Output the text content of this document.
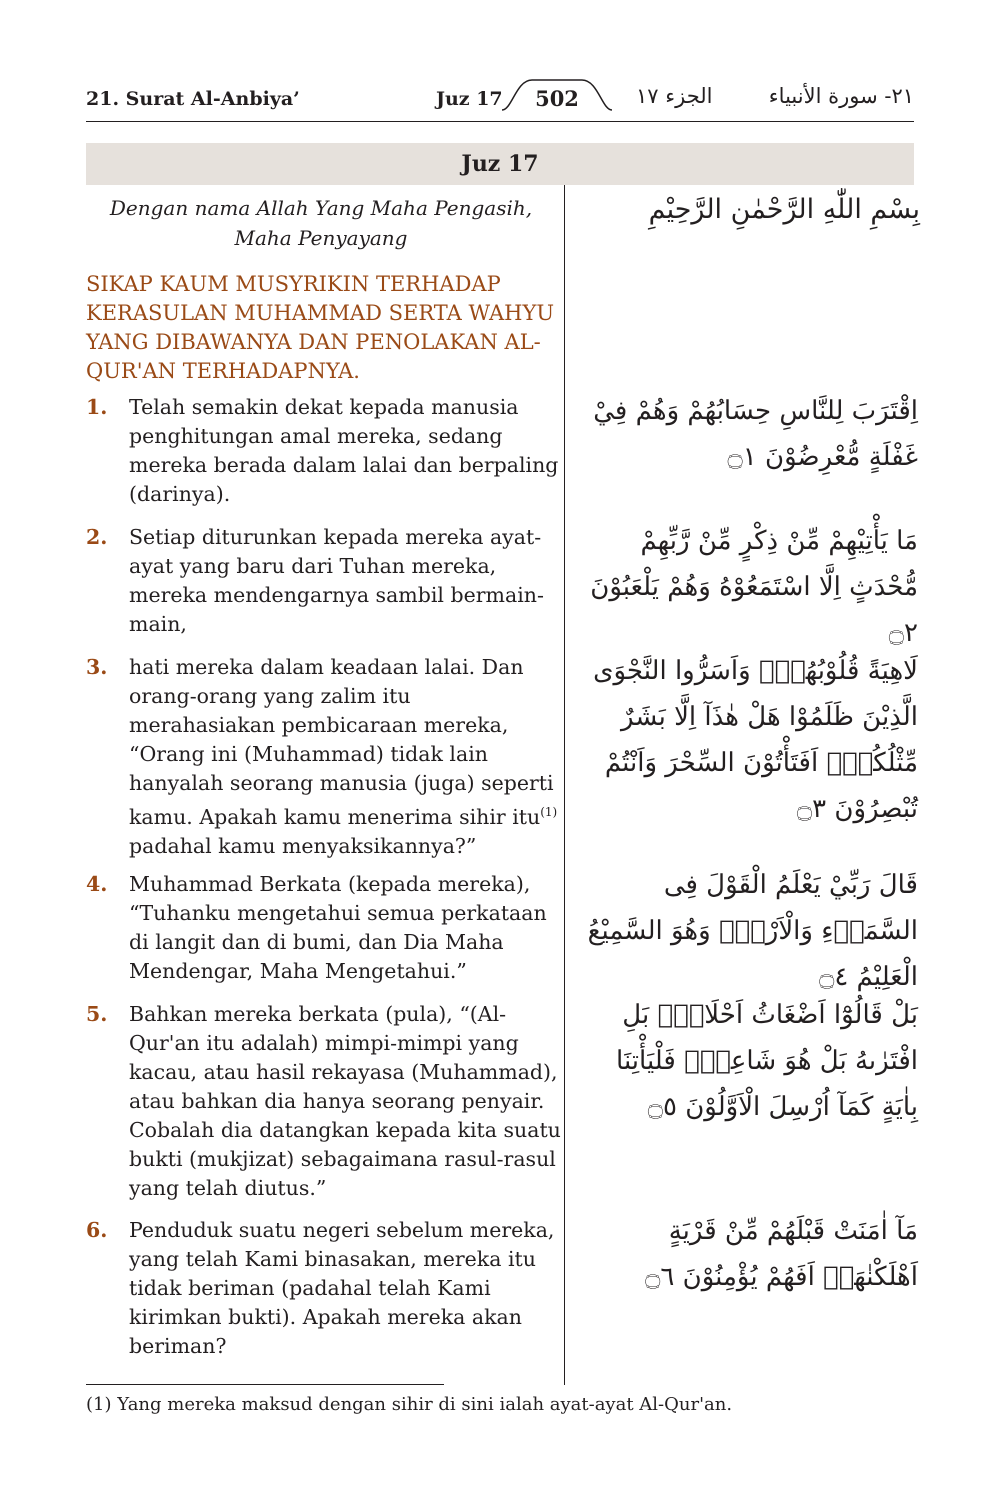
21. Surat Al-Anbiya’	Juz 17	502	الجزء ١٧	٢١- سورة الأنبياء
Juz 17
Dengan nama Allah Yang Maha Pengasih, Maha Penyayang
بِسْمِ اللّٰهِ الرَّحْمٰنِ الرَّحِيْمِ
SIKAP KAUM MUSYRIKIN TERHADAP KERASULAN MUHAMMAD SERTA WAHYU YANG DIBAWANYA DAN PENOLAKAN AL-QUR'AN TERHADAPNYA.
1.	Telah semakin dekat kepada manusia penghitungan amal mereka, sedang mereka berada dalam lalai dan berpaling (darinya).
2.	Setiap diturunkan kepada mereka ayat-ayat yang baru dari Tuhan mereka, mereka mendengarnya sambil bermain-main,
3.	hati mereka dalam keadaan lalai. Dan orang-orang yang zalim itu merahasiakan pembicaraan mereka, “Orang ini (Muhammad) tidak lain hanyalah seorang manusia (juga) seperti kamu. Apakah kamu menerima sihir itu$^{(1)}$ padahal kamu menyaksikannya?”
4.	Muhammad Berkata (kepada mereka), “Tuhanku mengetahui semua perkataan di langit dan di bumi, dan Dia Maha Mendengar, Maha Mengetahui.”
5.	Bahkan mereka berkata (pula), “(Al-Qur'an itu adalah) mimpi-mimpi yang kacau, atau hasil rekayasa (Muhammad), atau bahkan dia hanya seorang penyair. Cobalah dia datangkan kepada kita suatu bukti (mukjizat) sebagaimana rasul-rasul yang telah diutus.”
6.	Penduduk suatu negeri sebelum mereka, yang telah Kami binasakan, mereka itu tidak beriman (padahal telah Kami kirimkan bukti). Apakah mereka akan beriman?
اِقْتَرَبَ لِلنَّاسِ حِسَابُهُمْ وَهُمْ فِيْ غَفْلَةٍ مُّعْرِضُوْنَ ۝١
مَا يَأْتِيْهِمْ مِّنْ ذِكْرٍ مِّنْ رَّبِّهِمْ مُّحْدَثٍ اِلَّا اسْتَمَعُوْهُ وَهُمْ يَلْعَبُوْنَ ۝٢
لَاهِيَةً قُلُوْبُهُمْۗ وَاَسَرُّوا النَّجْوَى الَّذِيْنَ ظَلَمُوْا هَلْ هٰذَآ اِلَّا بَشَرٌ مِّثْلُكُمْۚ اَفَتَأْتُوْنَ السِّحْرَ وَاَنْتُمْ تُبْصِرُوْنَ ۝٣
قَالَ رَبِّيْ يَعْلَمُ الْقَوْلَ فِى السَّمَاۤءِ وَالْاَرْضِۖ وَهُوَ السَّمِيْعُ الْعَلِيْمُ ۝٤
بَلْ قَالُوْٓا اَضْغَاثُ اَحْلَامٍۢ بَلِ افْتَرٰىهُ بَلْ هُوَ شَاعِرٌۖ فَلْيَأْتِنَا بِاٰيَةٍ كَمَآ اُرْسِلَ الْاَوَّلُوْنَ ۝٥
مَآ اٰمَنَتْ قَبْلَهُمْ مِّنْ قَرْيَةٍ اَهْلَكْنٰهَاۚ اَفَهُمْ يُؤْمِنُوْنَ ۝٦
(1) Yang mereka maksud dengan sihir di sini ialah ayat-ayat Al-Qur'an.
